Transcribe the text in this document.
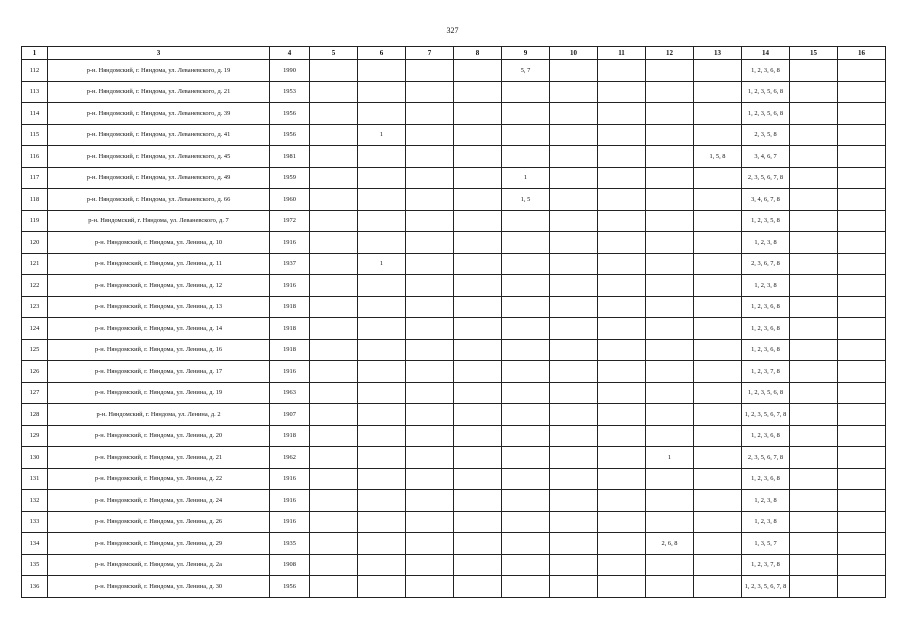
327
1	3	4	5	6	7	8	9	10	11	12	13	14	15	16
112	р-н. Няндомский, г. Няндома, ул. Леваневского, д. 19	1990					5, 7					1, 2, 3, 6, 8		
113	р-н. Няндомский, г. Няндома, ул. Леваневского, д. 21	1953										1, 2, 3, 5, 6, 8		
114	р-н. Няндомский, г. Няндома, ул. Леваневского, д. 39	1956										1, 2, 3, 5, 6, 8		
115	р-н. Няндомский, г. Няндома, ул. Леваневского, д. 41	1956		1								2, 3, 5, 8		
116	р-н. Няндомский, г. Няндома, ул. Леваневского, д. 45	1981									1, 5, 8	3, 4, 6, 7		
117	р-н. Няндомский, г. Няндома, ул. Леваневского, д. 49	1959					1					2, 3, 5, 6, 7, 8		
118	р-н. Няндомский, г. Няндома, ул. Леваневского, д. 66	1960					1, 5					3, 4, 6, 7, 8		
119	р-н. Няндомский, г. Няндома, ул. Леваневского, д. 7	1972										1, 2, 3, 5, 8		
120	р-н. Няндомский, г. Няндома, ул. Ленина, д. 10	1916										1, 2, 3, 8		
121	р-н. Няндомский, г. Няндома, ул. Ленина, д. 11	1937		1								2, 3, 6, 7, 8		
122	р-н. Няндомский, г. Няндома, ул. Ленина, д. 12	1916										1, 2, 3, 8		
123	р-н. Няндомский, г. Няндома, ул. Ленина, д. 13	1918										1, 2, 3, 6, 8		
124	р-н. Няндомский, г. Няндома, ул. Ленина, д. 14	1918										1, 2, 3, 6, 8		
125	р-н. Няндомский, г. Няндома, ул. Ленина, д. 16	1918										1, 2, 3, 6, 8		
126	р-н. Няндомский, г. Няндома, ул. Ленина, д. 17	1916										1, 2, 3, 7, 8		
127	р-н. Няндомский, г. Няндома, ул. Ленина, д. 19	1963										1, 2, 3, 5, 6, 8		
128	р-н. Няндомский, г. Няндома, ул. Ленина, д. 2	1907										1, 2, 3, 5, 6, 7, 8		
129	р-н. Няндомский, г. Няндома, ул. Ленина, д. 20	1918										1, 2, 3, 6, 8		
130	р-н. Няндомский, г. Няндома, ул. Ленина, д. 21	1962								1		2, 3, 5, 6, 7, 8		
131	р-н. Няндомский, г. Няндома, ул. Ленина, д. 22	1916										1, 2, 3, 6, 8		
132	р-н. Няндомский, г. Няндома, ул. Ленина, д. 24	1916										1, 2, 3, 8		
133	р-н. Няндомский, г. Няндома, ул. Ленина, д. 26	1916										1, 2, 3, 8		
134	р-н. Няндомский, г. Няндома, ул. Ленина, д. 29	1935								2, 6, 8		1, 3, 5, 7		
135	р-н. Няндомский, г. Няндома, ул. Ленина, д. 2а	1908										1, 2, 3, 7, 8		
136	р-н. Няндомский, г. Няндома, ул. Ленина, д. 30	1956										1, 2, 3, 5, 6, 7, 8		
